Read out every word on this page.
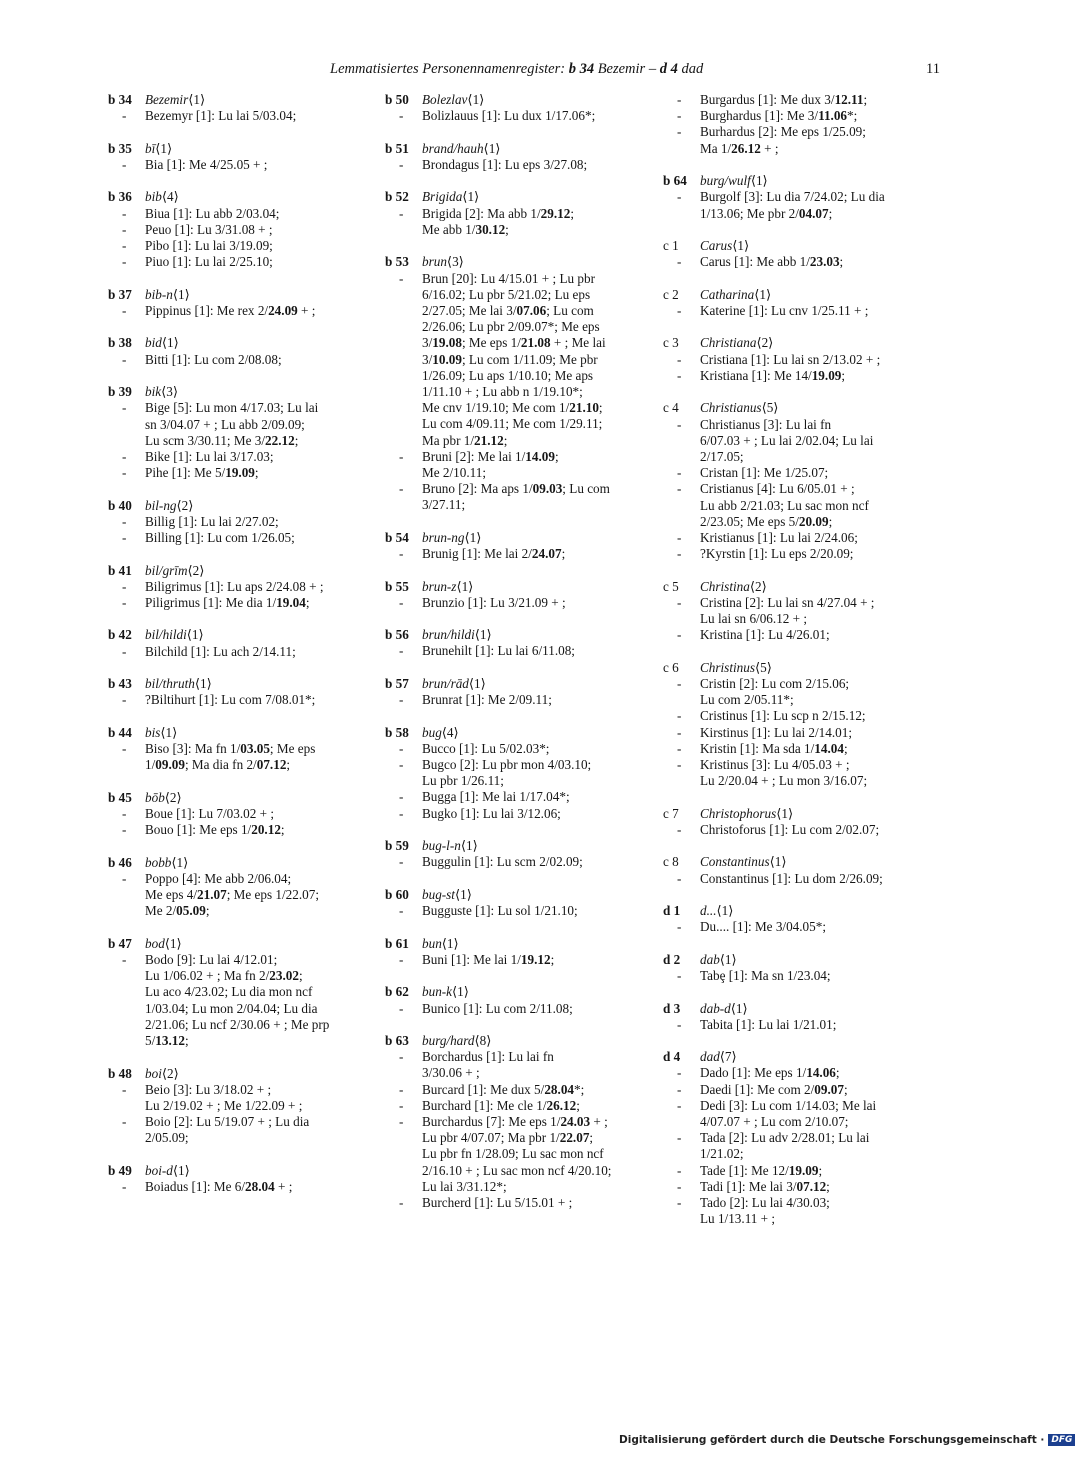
Lemmatisiertes Personennamenregister: b 34 Bezemir – d 4 dad	11
b 34 Bezemir ⟨1⟩
-	Bezemyr [1]: Lu lai 5/03.04;
b 35 bī ⟨1⟩
-	Bia [1]: Me 4/25.05 + ;
b 36 bib ⟨4⟩
-	Biua [1]: Lu abb 2/03.04;
-	Peuo [1]: Lu 3/31.08 + ;
-	Pibo [1]: Lu lai 3/19.09;
-	Piuo [1]: Lu lai 2/25.10;
b 37 bib-n ⟨1⟩
-	Pippinus [1]: Me rex 2/24.09 + ;
b 38 bid ⟨1⟩
-	Bitti [1]: Lu com 2/08.08;
b 39 bik ⟨3⟩
-	Bige [5]: Lu mon 4/17.03; Lu lai
sn 3/04.07 + ; Lu abb 2/09.09;
Lu scm 3/30.11; Me 3/22.12;
-	Bike [1]: Lu lai 3/17.03;
-	Pihe [1]: Me 5/19.09;
b 40 bil-ng ⟨2⟩
-	Billig [1]: Lu lai 2/27.02;
-	Billing [1]: Lu com 1/26.05;
b 41 bil/grīm ⟨2⟩
-	Biligrimus [1]: Lu aps 2/24.08 + ;
-	Piligrimus [1]: Me dia 1/19.04;
b 42 bil/hildi ⟨1⟩
-	Bilchild [1]: Lu ach 2/14.11;
b 43 bil/thruth ⟨1⟩
-	?Biltihurt [1]: Lu com 7/08.01*;
b 44 bis ⟨1⟩
-	Biso [3]: Ma fn 1/03.05; Me eps
1/09.09; Ma dia fn 2/07.12;
b 45 bōb ⟨2⟩
-	Boue [1]: Lu 7/03.02 + ;
-	Bouo [1]: Me eps 1/20.12;
b 46 bobb ⟨1⟩
-	Poppo [4]: Me abb 2/06.04;
Me eps 4/21.07; Me eps 1/22.07;
Me 2/05.09;
b 47 bod ⟨1⟩
-	Bodo [9]: Lu lai 4/12.01;
Lu 1/06.02 + ; Ma fn 2/23.02;
Lu aco 4/23.02; Lu dia mon ncf
1/03.04; Lu mon 2/04.04; Lu dia
2/21.06; Lu ncf 2/30.06 + ; Me prp
5/13.12;
b 48 boi ⟨2⟩
-	Beio [3]: Lu 3/18.02 + ;
Lu 2/19.02 + ; Me 1/22.09 + ;
-	Boio [2]: Lu 5/19.07 + ; Lu dia
2/05.09;
b 49 boi-d ⟨1⟩
-	Boiadus [1]: Me 6/28.04 + ;
b 50 Bolezlav ⟨1⟩
-	Bolizlauus [1]: Lu dux 1/17.06*;
b 51 brand/hauh ⟨1⟩
-	Brondagus [1]: Lu eps 3/27.08;
b 52 Brigida ⟨1⟩
-	Brigida [2]: Ma abb 1/29.12;
Me abb 1/30.12;
b 53 brun ⟨3⟩
-	Brun [20]: Lu 4/15.01 + ; Lu pbr
6/16.02; Lu pbr 5/21.02; Lu eps
2/27.05; Me lai 3/07.06; Lu com
2/26.06; Lu pbr 2/09.07*; Me eps
3/19.08; Me eps 1/21.08 + ; Me lai
3/10.09; Lu com 1/11.09; Me pbr
1/26.09; Lu aps 1/10.10; Me aps
1/11.10 + ; Lu abb n 1/19.10*;
Me cnv 1/19.10; Me com 1/21.10;
Lu com 4/09.11; Me com 1/29.11;
Ma pbr 1/21.12;
-	Bruni [2]: Me lai 1/14.09;
Me 2/10.11;
-	Bruno [2]: Ma aps 1/09.03; Lu com
3/27.11;
b 54 brun-ng ⟨1⟩
-	Brunig [1]: Me lai 2/24.07;
b 55 brun-z ⟨1⟩
-	Brunzio [1]: Lu 3/21.09 + ;
b 56 brun/hildi ⟨1⟩
-	Brunehilt [1]: Lu lai 6/11.08;
b 57 brun/rād ⟨1⟩
-	Brunrat [1]: Me 2/09.11;
b 58 bug ⟨4⟩
-	Bucco [1]: Lu 5/02.03*;
-	Bugco [2]: Lu pbr mon 4/03.10;
Lu pbr 1/26.11;
-	Bugga [1]: Me lai 1/17.04*;
-	Bugko [1]: Lu lai 3/12.06;
b 59 bug-l-n ⟨1⟩
-	Buggulin [1]: Lu scm 2/02.09;
b 60 bug-st ⟨1⟩
-	Bugguste [1]: Lu sol 1/21.10;
b 61 bun ⟨1⟩
-	Buni [1]: Me lai 1/19.12;
b 62 bun-k ⟨1⟩
-	Bunico [1]: Lu com 2/11.08;
b 63 burg/hard ⟨8⟩
-	Borchardus [1]: Lu lai fn
3/30.06 + ;
-	Burcard [1]: Me dux 5/28.04*;
-	Burchard [1]: Me cle 1/26.12;
-	Burchardus [7]: Me eps 1/24.03 + ;
Lu pbr 4/07.07; Ma pbr 1/22.07;
Lu pbr fn 1/28.09; Lu sac mon ncf
2/16.10 + ; Lu sac mon ncf 4/20.10;
Lu lai 3/31.12*;
-	Burcherd [1]: Lu 5/15.01 + ;
-	Burgardus [1]: Me dux 3/12.11;
-	Burghardus [1]: Me 3/11.06*;
-	Burhardus [2]: Me eps 1/25.09;
Ma 1/26.12 + ;
b 64 burg/wulf ⟨1⟩
-	Burgolf [3]: Lu dia 7/24.02; Lu dia
1/13.06; Me pbr 2/04.07;
c 1	Carus ⟨1⟩
-	Carus [1]: Me abb 1/23.03;
c 2	Catharina ⟨1⟩
-	Katerine [1]: Lu cnv 1/25.11 + ;
c 3	Christiana ⟨2⟩
-	Cristiana [1]: Lu lai sn 2/13.02 + ;
-	Kristiana [1]: Me 14/19.09;
c 4	Christianus ⟨5⟩
-	Christianus [3]: Lu lai fn
6/07.03 + ; Lu lai 2/02.04; Lu lai
2/17.05;
-	Cristan [1]: Me 1/25.07;
-	Cristianus [4]: Lu 6/05.01 + ;
Lu abb 2/21.03; Lu sac mon ncf
2/23.05; Me eps 5/20.09;
-	Kristianus [1]: Lu lai 2/24.06;
-	?Kyrstin [1]: Lu eps 2/20.09;
c 5	Christina ⟨2⟩
-	Cristina [2]: Lu lai sn 4/27.04 + ;
Lu lai sn 6/06.12 + ;
-	Kristina [1]: Lu 4/26.01;
c 6	Christinus ⟨5⟩
-	Cristin [2]: Lu com 2/15.06;
Lu com 2/05.11*;
-	Cristinus [1]: Lu scp n 2/15.12;
-	Kirstinus [1]: Lu lai 2/14.01;
-	Kristin [1]: Ma sda 1/14.04;
-	Kristinus [3]: Lu 4/05.03 + ;
Lu 2/20.04 + ; Lu mon 3/16.07;
c 7	Christophorus ⟨1⟩
-	Christoforus [1]: Lu com 2/02.07;
c 8	Constantinus ⟨1⟩
-	Constantinus [1]: Lu dom 2/26.09;
d 1	d... ⟨1⟩
-	Du.... [1]: Me 3/04.05*;
d 2	dab ⟨1⟩
-	Tabȩ [1]: Ma sn 1/23.04;
d 3	dab-d ⟨1⟩
-	Tabita [1]: Lu lai 1/21.01;
d 4	dad ⟨7⟩
-	Dado [1]: Me eps 1/14.06;
-	Daedi [1]: Me com 2/09.07;
-	Dedi [3]: Lu com 1/14.03; Me lai
4/07.07 + ; Lu com 2/10.07;
-	Tada [2]: Lu adv 2/28.01; Lu lai
1/21.02;
-	Tade [1]: Me 12/19.09;
-	Tadi [1]: Me lai 3/07.12;
-	Tado [2]: Lu lai 4/30.03;
Lu 1/13.11 + ;
Digitalisierung gefördert durch die Deutsche Forschungsgemeinschaft · DFG
